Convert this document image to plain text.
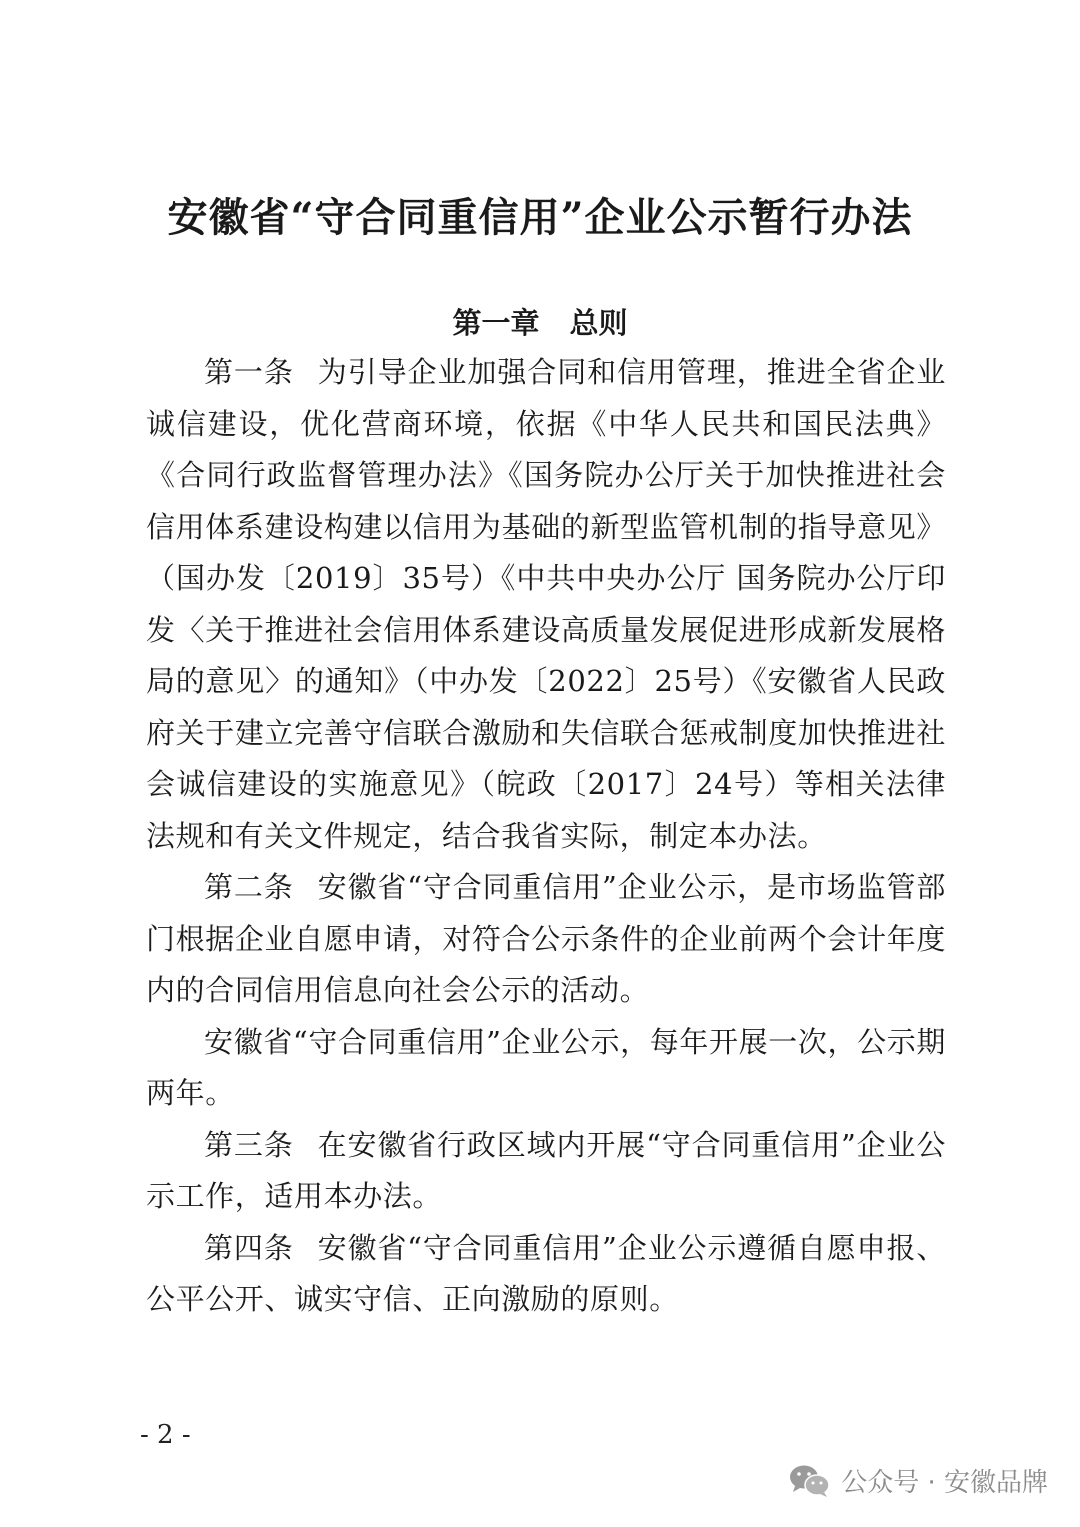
安徽省“守合同重信用”企业公示暂行办法
第一章 总则

第一条 为引导企业加强合同和信用管理，推进全省企业诚信建设，优化营商环境，依据《中华人民共和国民法典》《合同行政监督管理办法》《国务院办公厅关于加快推进社会信用体系建设构建以信用为基础的新型监管机制的指导意见》（国办发〔2019〕35号）《中共中央办公厅 国务院办公厅印发〈关于推进社会信用体系建设高质量发展促进形成新发展格局的意见〉的通知》（中办发〔2022〕25号）《安徽省人民政府关于建立完善守信联合激励和失信联合惩戒制度加快推进社会诚信建设的实施意见》（皖政〔2017〕24号）等相关法律法规和有关文件规定，结合我省实际，制定本办法。

第二条 安徽省“守合同重信用”企业公示，是市场监管部门根据企业自愿申请，对符合公示条件的企业前两个会计年度内的合同信用信息向社会公示的活动。

安徽省“守合同重信用”企业公示，每年开展一次，公示期两年。

第三条 在安徽省行政区域内开展“守合同重信用”企业公示工作，适用本办法。

第四条 安徽省“守合同重信用”企业公示遵循自愿申报、公平公开、诚实守信、正向激励的原则。

- 2 -
公众号 · 安徽品牌
